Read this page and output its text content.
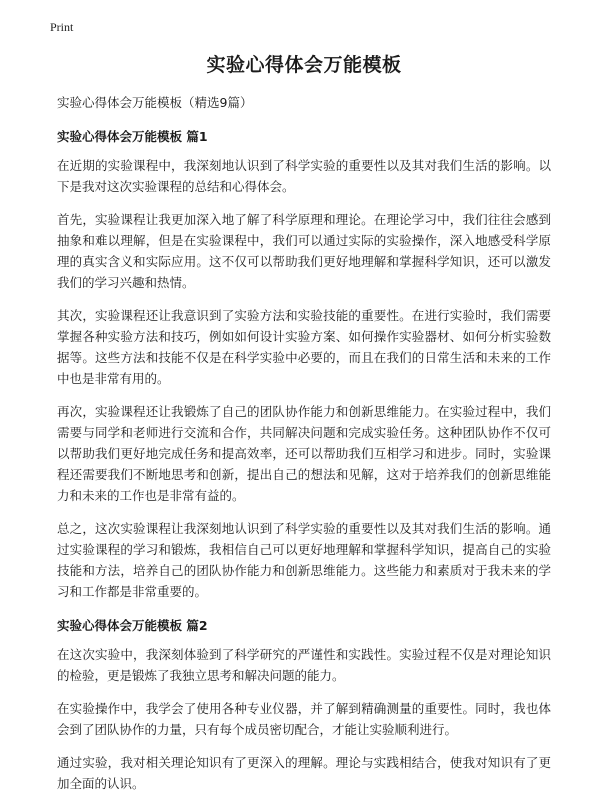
Print
实验心得体会万能模板
实验心得体会万能模板（精选9篇）
实验心得体会万能模板 篇1

在近期的实验课程中，我深刻地认识到了科学实验的重要性以及其对我们生活的影响。以下是我对这次实验课程的总结和心得体会。

首先，实验课程让我更加深入地了解了科学原理和理论。在理论学习中，我们往往会感到抽象和难以理解，但是在实验课程中，我们可以通过实际的实验操作，深入地感受科学原理的真实含义和实际应用。这不仅可以帮助我们更好地理解和掌握科学知识，还可以激发我们的学习兴趣和热情。

其次，实验课程还让我意识到了实验方法和实验技能的重要性。在进行实验时，我们需要掌握各种实验方法和技巧，例如如何设计实验方案、如何操作实验器材、如何分析实验数据等。这些方法和技能不仅是在科学实验中必要的，而且在我们的日常生活和未来的工作中也是非常有用的。

再次，实验课程还让我锻炼了自己的团队协作能力和创新思维能力。在实验过程中，我们需要与同学和老师进行交流和合作，共同解决问题和完成实验任务。这种团队协作不仅可以帮助我们更好地完成任务和提高效率，还可以帮助我们互相学习和进步。同时，实验课程还需要我们不断地思考和创新，提出自己的想法和见解，这对于培养我们的创新思维能力和未来的工作也是非常有益的。

总之，这次实验课程让我深刻地认识到了科学实验的重要性以及其对我们生活的影响。通过实验课程的学习和锻炼，我相信自己可以更好地理解和掌握科学知识，提高自己的实验技能和方法，培养自己的团队协作能力和创新思维能力。这些能力和素质对于我未来的学习和工作都是非常重要的。

实验心得体会万能模板 篇2

在这次实验中，我深刻体验到了科学研究的严谨性和实践性。实验过程不仅是对理论知识的检验，更是锻炼了我独立思考和解决问题的能力。

在实验操作中，我学会了使用各种专业仪器，并了解到精确测量的重要性。同时，我也体会到了团队协作的力量，只有每个成员密切配合，才能让实验顺利进行。

通过实验，我对相关理论知识有了更深入的理解。理论与实践相结合，使我对知识有了更加全面的认识。
